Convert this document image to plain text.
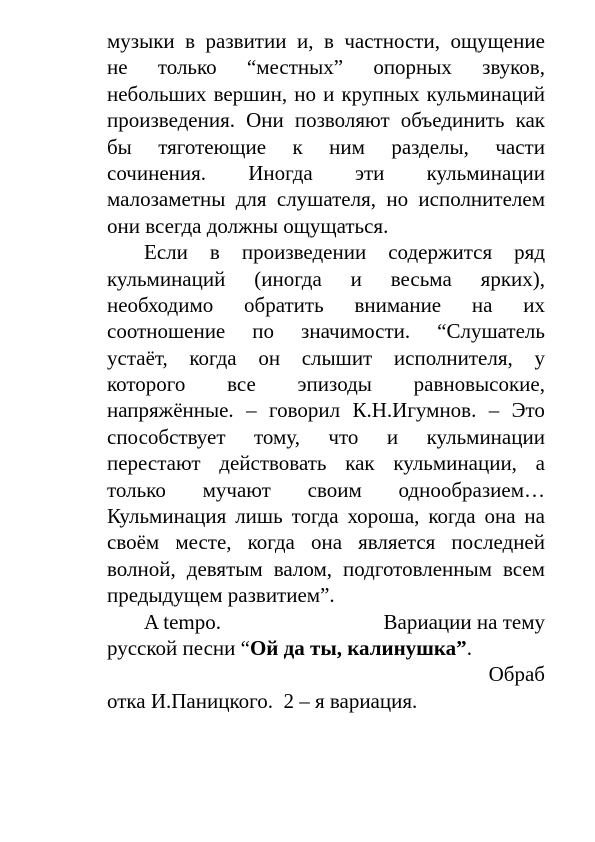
музыки в развитии и, в частности, ощущение
не только “местных” опорных звуков,
небольших вершин, но и крупных кульминаций
произведения. Они позволяют объединить как
бы тяготеющие к ним разделы, части
сочинения. Иногда эти кульминации
малозаметны для слушателя, но исполнителем
они всегда должны ощущаться.
Если в произведении содержится ряд
кульминаций (иногда и весьма ярких),
необходимо обратить внимание на их
соотношение по значимости. “Слушатель
устаёт, когда он слышит исполнителя, у
которого все эпизоды равновысокие,
напряжённые. – говорил К.Н.Игумнов. – Это
способствует тому, что и кульминации
перестают действовать как кульминации, а
только мучают своим однообразием…
Кульминация лишь тогда хороша, когда она на
своём месте, когда она является последней
волной, девятым валом, подготовленным всем
предыдущем развитием”.
A tempo.	Вариации на тему
русской песни “Ой да ты, калинушка”.
Обраб
отка И.Паницкого.  2 – я вариация.
